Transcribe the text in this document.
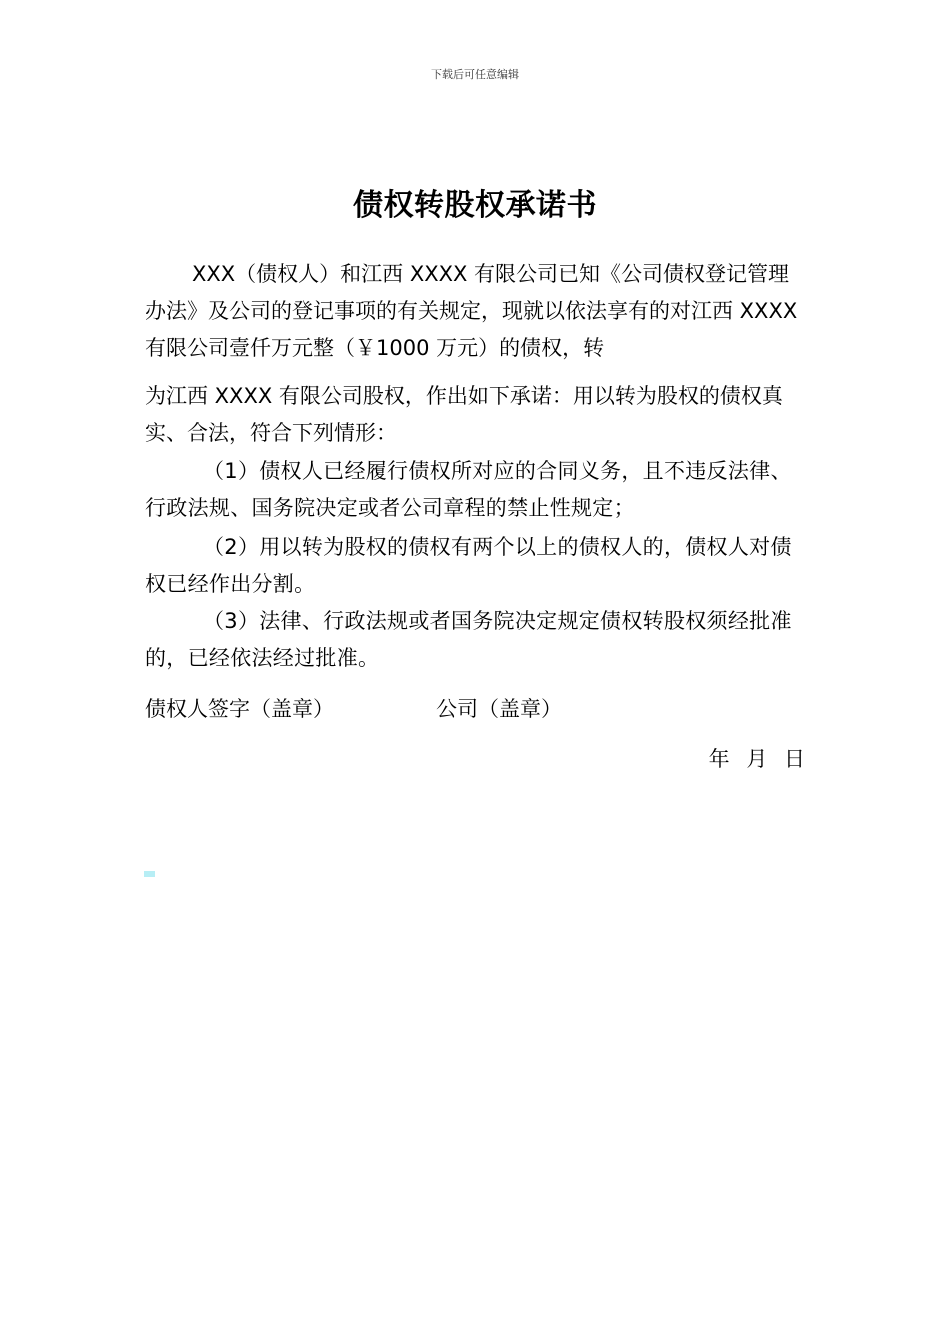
下载后可任意编辑
债权转股权承诺书
XXX（债权人）和江西 XXXX 有限公司已知《公司债权登记管理办法》及公司的登记事项的有关规定，现就以依法享有的对江西 XXXX 有限公司壹仟万元整（￥1000 万元）的债权，转
为江西 XXXX 有限公司股权，作出如下承诺：用以转为股权的债权真实、合法，符合下列情形：
（1）债权人已经履行债权所对应的合同义务，且不违反法律、行政法规、国务院决定或者公司章程的禁止性规定；
（2）用以转为股权的债权有两个以上的债权人的，债权人对债权已经作出分割。
（3）法律、行政法规或者国务院决定规定债权转股权须经批准的，已经依法经过批准。
债权人签字（盖章）	公司（盖章）
年 月 日
